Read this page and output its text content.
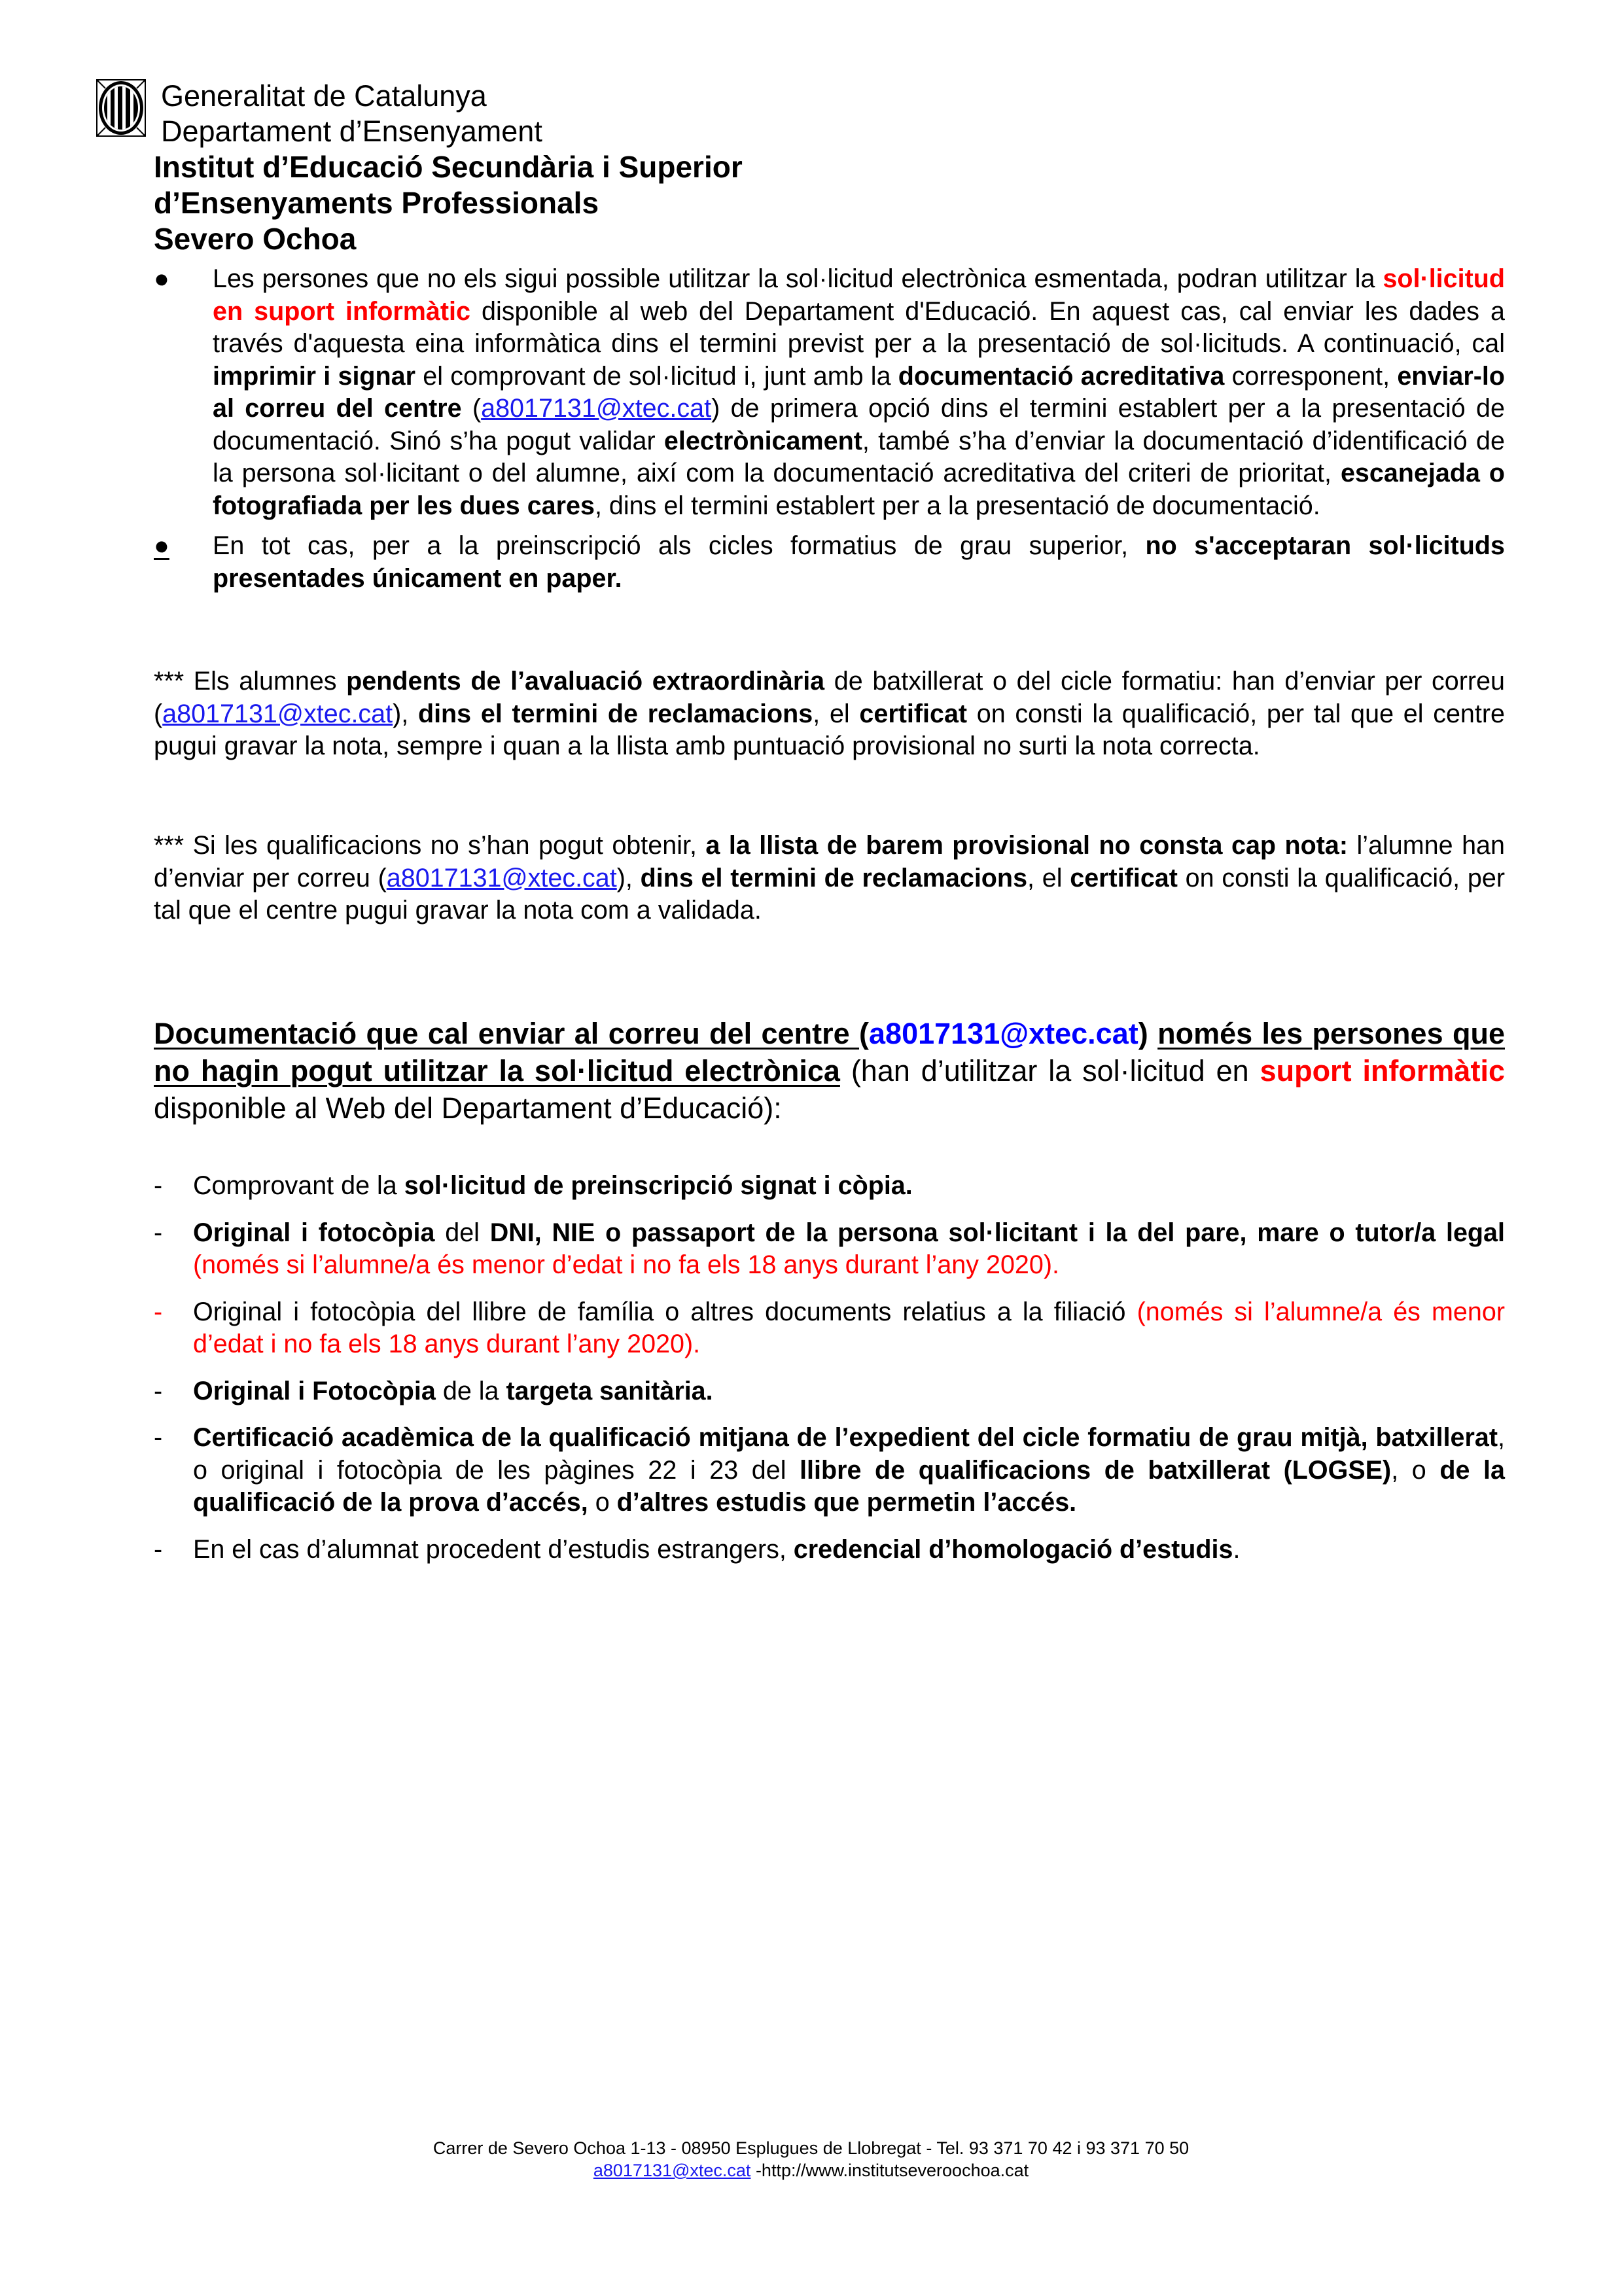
Generalitat de Catalunya
Departament d’Ensenyament
Institut d’Educació Secundària i Superior
d’Ensenyaments Professionals
Severo Ochoa
●	Les persones que no els sigui possible utilitzar la sol·licitud electrònica esmentada, podran utilitzar la sol·licitud en suport informàtic disponible al web del Departament d'Educació. En aquest cas, cal enviar les dades a través d'aquesta eina informàtica dins el termini previst per a la presentació de sol·licituds. A continuació, cal imprimir i signar el comprovant de sol·licitud i, junt amb la documentació acreditativa corresponent, enviar-lo al correu del centre (a8017131@xtec.cat) de primera opció dins el termini establert per a la presentació de documentació. Sinó s’ha pogut validar electrònicament, també s’ha d’enviar la documentació d’identificació de la persona sol·licitant o del alumne, així com la documentació acreditativa del criteri de prioritat, escanejada o fotografiada per les dues cares, dins el termini establert per a la presentació de documentació.
●	En tot cas, per a la preinscripció als cicles formatius de grau superior, no s'acceptaran sol·licituds presentades únicament en paper.
*** Els alumnes pendents de l’avaluació extraordinària de batxillerat o del cicle formatiu: han d’enviar per correu (a8017131@xtec.cat), dins el termini de reclamacions, el certificat on consti la qualificació, per tal que el centre pugui gravar la nota, sempre i quan a la llista amb puntuació provisional no surti la nota correcta.
*** Si les qualificacions no s’han pogut obtenir, a la llista de barem provisional no consta cap nota: l’alumne han d’enviar per correu (a8017131@xtec.cat), dins el termini de reclamacions, el certificat on consti la qualificació, per tal que el centre pugui gravar la nota com a validada.
Documentació que cal enviar al correu del centre (a8017131@xtec.cat) només les persones que no hagin pogut utilitzar la sol·licitud electrònica (han d’utilitzar la sol·licitud en suport informàtic disponible al Web del Departament d’Educació):
- Comprovant de la sol·licitud de preinscripció signat i còpia.
- Original i fotocòpia del DNI, NIE o passaport de la persona sol·licitant i la del pare, mare o tutor/a legal (només si l’alumne/a és menor d’edat i no fa els 18 anys durant l’any 2020).
- Original i fotocòpia del llibre de família o altres documents relatius a la filiació (només si l’alumne/a és menor d’edat i no fa els 18 anys durant l’any 2020).
- Original i Fotocòpia de la targeta sanitària.
- Certificació acadèmica de la qualificació mitjana de l’expedient del cicle formatiu de grau mitjà, batxillerat, o original i fotocòpia de les pàgines 22 i 23 del llibre de qualificacions de batxillerat (LOGSE), o de la qualificació de la prova d’accés, o d’altres estudis que permetin l’accés.
- En el cas d’alumnat procedent d’estudis estrangers, credencial d’homologació d’estudis.
Carrer de Severo Ochoa 1-13 - 08950 Esplugues de Llobregat - Tel. 93 371 70 42 i 93 371 70 50
a8017131@xtec.cat -http://www.institutseveroochoa.cat
